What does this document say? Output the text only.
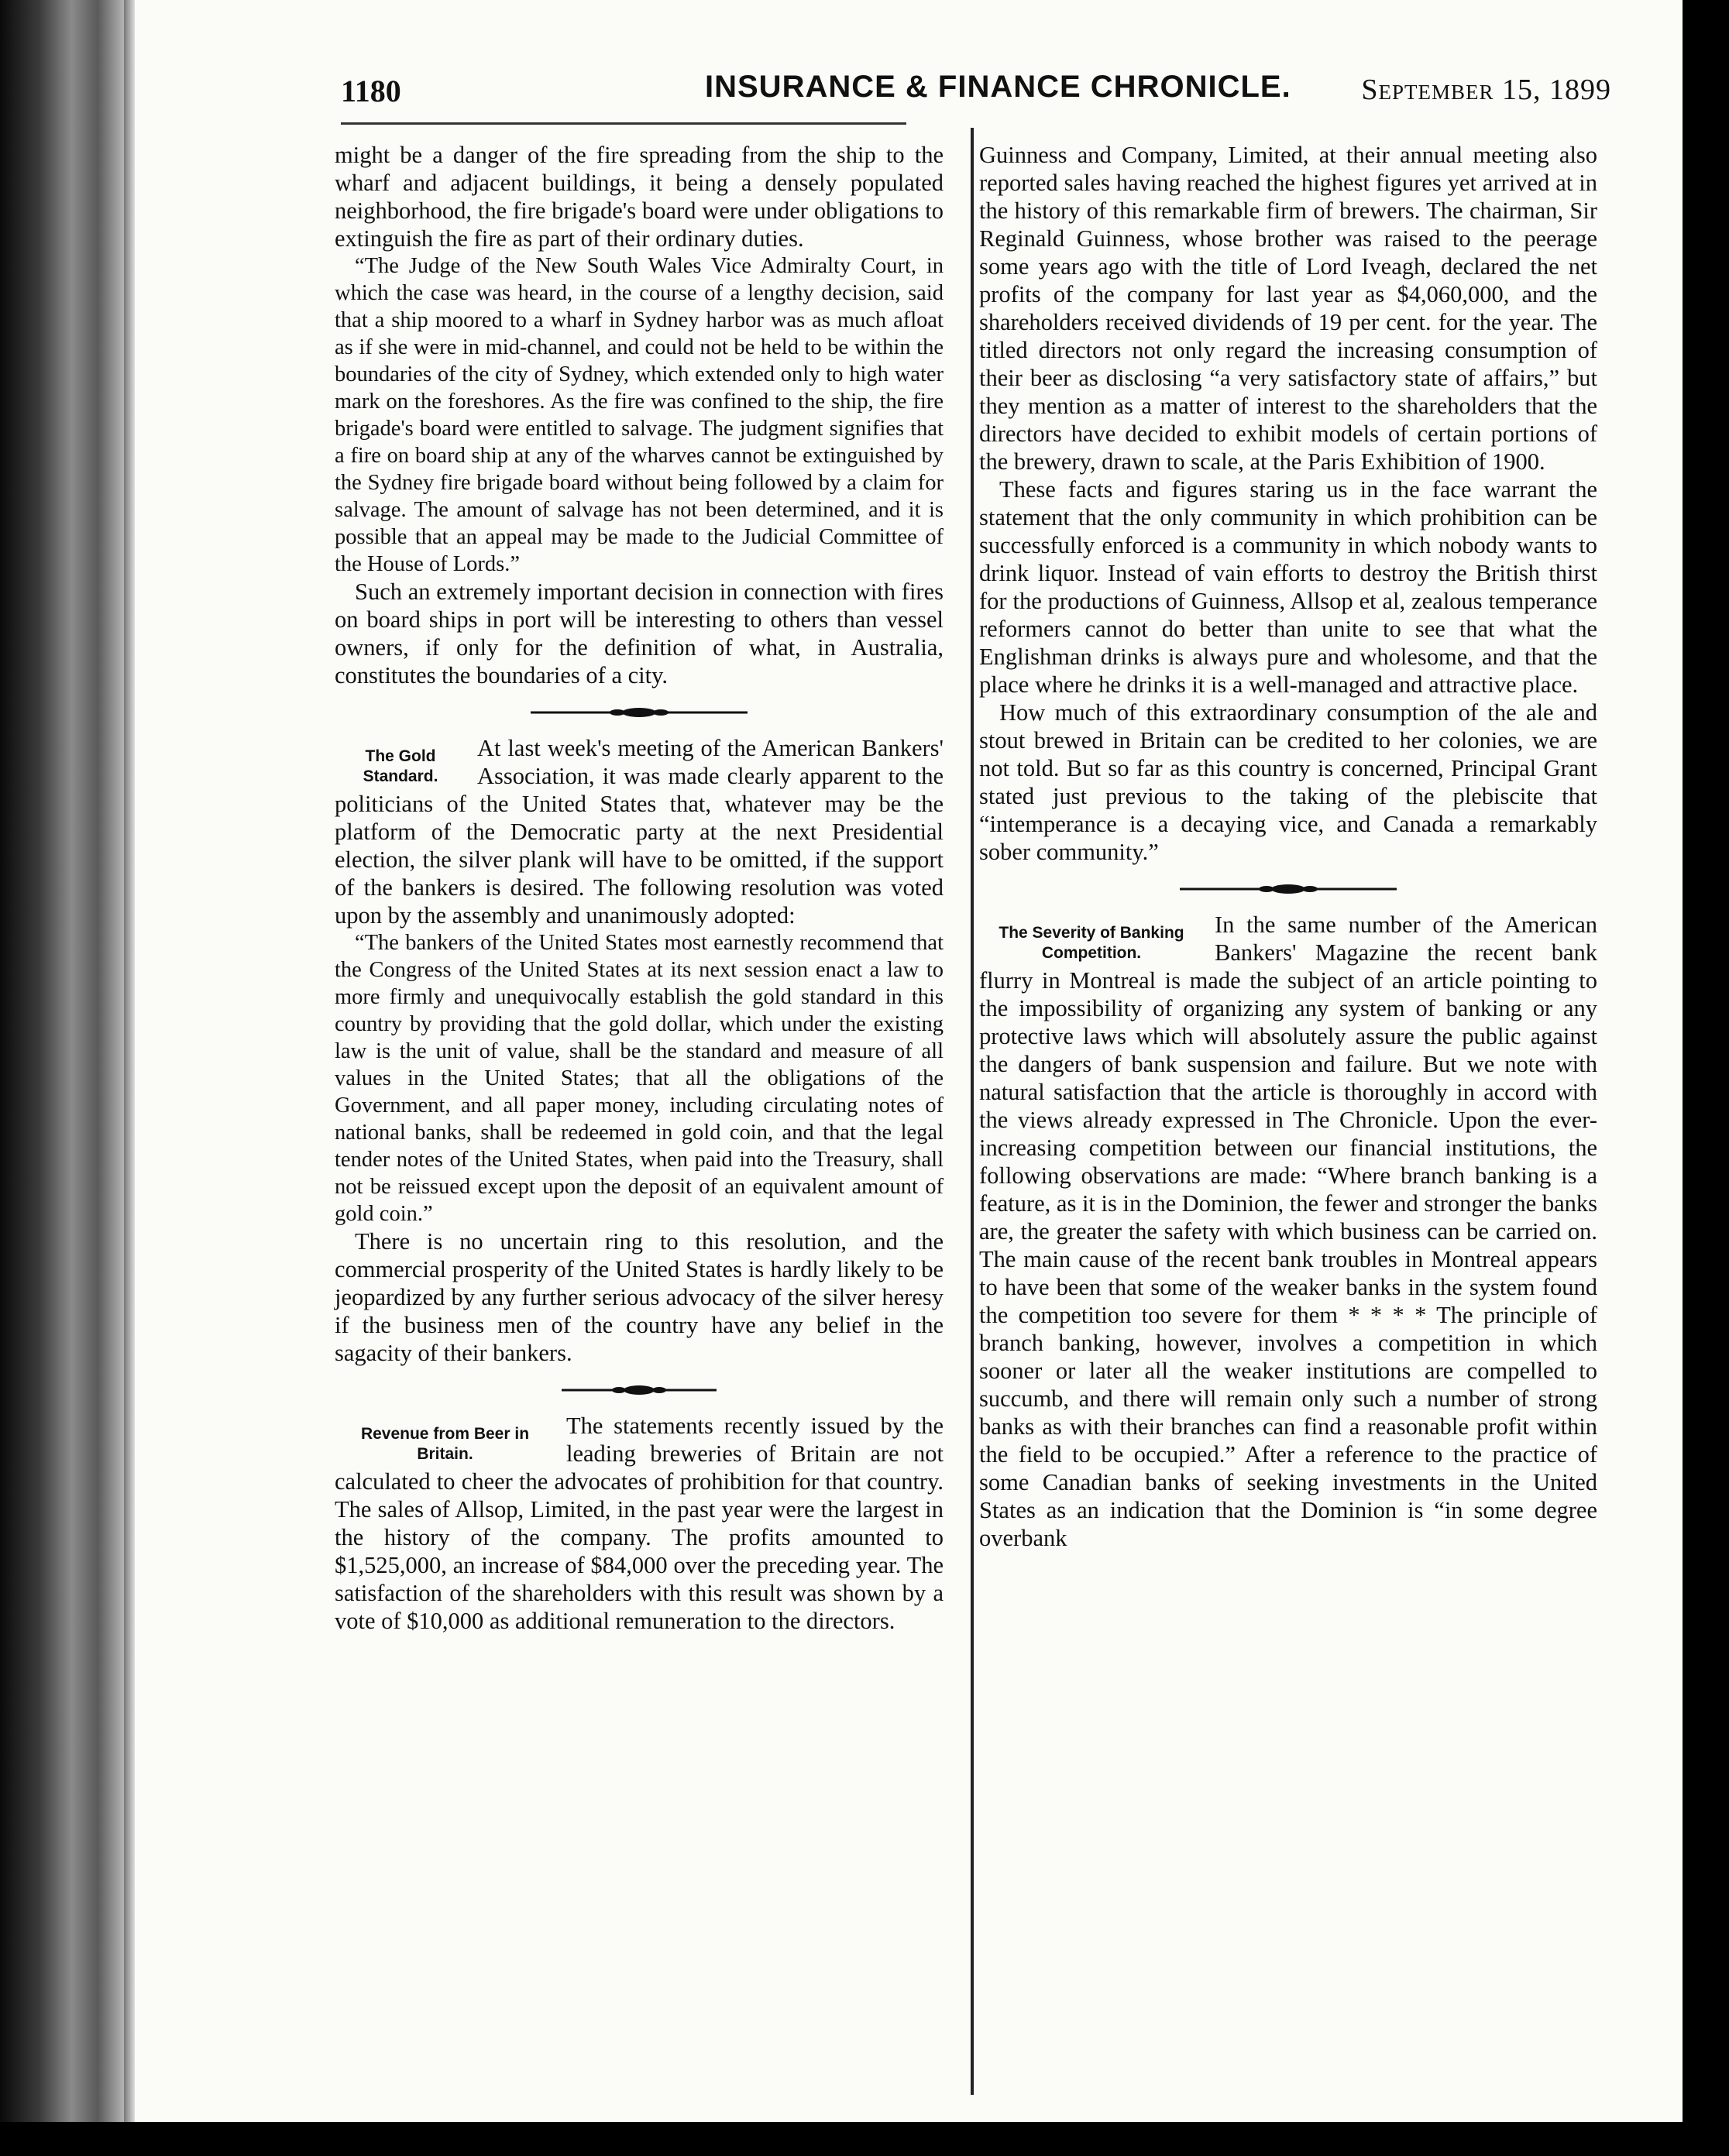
1180	INSURANCE & FINANCE CHRONICLE. September 15, 1899

might be a danger of the fire spreading from the ship to the wharf and adjacent buildings, it being a densely populated neighborhood, the fire brigade's board were under obligations to extinguish the fire as part of their ordinary duties.

“The Judge of the New South Wales Vice Admiralty Court, in which the case was heard, in the course of a lengthy decision, said that a ship moored to a wharf in Sydney harbor was as much afloat as if she were in mid-channel, and could not be held to be within the boundaries of the city of Sydney, which extended only to high water mark on the foreshores. As the fire was confined to the ship, the fire brigade's board were entitled to salvage. The judgment signifies that a fire on board ship at any of the wharves cannot be extinguished by the Sydney fire brigade board without being followed by a claim for salvage. The amount of salvage has not been determined, and it is possible that an appeal may be made to the Judicial Committee of the House of Lords.”

Such an extremely important decision in connection with fires on board ships in port will be interesting to others than vessel owners, if only for the definition of what, in Australia, constitutes the boundaries of a city.

The Gold Standard.

At last week's meeting of the American Bankers' Association, it was made clearly apparent to the politicians of the United States that, whatever may be the platform of the Democratic party at the next Presidential election, the silver plank will have to be omitted, if the support of the bankers is desired. The following resolution was voted upon by the assembly and unanimously adopted:

“The bankers of the United States most earnestly recommend that the Congress of the United States at its next session enact a law to more firmly and unequivocally establish the gold standard in this country by providing that the gold dollar, which under the existing law is the unit of value, shall be the standard and measure of all values in the United States; that all the obligations of the Government, and all paper money, including circulating notes of national banks, shall be redeemed in gold coin, and that the legal tender notes of the United States, when paid into the Treasury, shall not be reissued except upon the deposit of an equivalent amount of gold coin.”

There is no uncertain ring to this resolution, and the commercial prosperity of the United States is hardly likely to be jeopardized by any further serious advocacy of the silver heresy if the business men of the country have any belief in the sagacity of their bankers.

Revenue from Beer in Britain.

The statements recently issued by the leading breweries of Britain are not calculated to cheer the advocates of prohibition for that country. The sales of Allsop, Limited, in the past year were the largest in the history of the company. The profits amounted to $1,525,000, an increase of $84,000 over the preceding year. The satisfaction of the shareholders with this result was shown by a vote of $10,000 as additional remuneration to the directors.

Guinness and Company, Limited, at their annual meeting also reported sales having reached the highest figures yet arrived at in the history of this remarkable firm of brewers. The chairman, Sir Reginald Guinness, whose brother was raised to the peerage some years ago with the title of Lord Iveagh, declared the net profits of the company for last year as $4,060,000, and the shareholders received dividends of 19 per cent. for the year. The titled directors not only regard the increasing consumption of their beer as disclosing “a very satisfactory state of affairs,” but they mention as a matter of interest to the shareholders that the directors have decided to exhibit models of certain portions of the brewery, drawn to scale, at the Paris Exhibition of 1900.

These facts and figures staring us in the face warrant the statement that the only community in which prohibition can be successfully enforced is a community in which nobody wants to drink liquor. Instead of vain efforts to destroy the British thirst for the productions of Guinness, Allsop et al, zealous temperance reformers cannot do better than unite to see that what the Englishman drinks is always pure and wholesome, and that the place where he drinks it is a well-managed and attractive place.

How much of this extraordinary consumption of the ale and stout brewed in Britain can be credited to her colonies, we are not told. But so far as this country is concerned, Principal Grant stated just previous to the taking of the plebiscite that “intemperance is a decaying vice, and Canada a remarkably sober community.”

The Severity of Banking Competition.

In the same number of the American Bankers' Magazine the recent bank flurry in Montreal is made the subject of an article pointing to the impossibility of organizing any system of banking or any protective laws which will absolutely assure the public against the dangers of bank suspension and failure. But we note with natural satisfaction that the article is thoroughly in accord with the views already expressed in The Chronicle. Upon the ever-increasing competition between our financial institutions, the following observations are made: “Where branch banking is a feature, as it is in the Dominion, the fewer and stronger the banks are, the greater the safety with which business can be carried on. The main cause of the recent bank troubles in Montreal appears to have been that some of the weaker banks in the system found the competition too severe for them * * * * The principle of branch banking, however, involves a competition in which sooner or later all the weaker institutions are compelled to succumb, and there will remain only such a number of strong banks as with their branches can find a reasonable profit within the field to be occupied.” After a reference to the practice of some Canadian banks of seeking investments in the United States as an indication that the Dominion is “in some degree overbank
